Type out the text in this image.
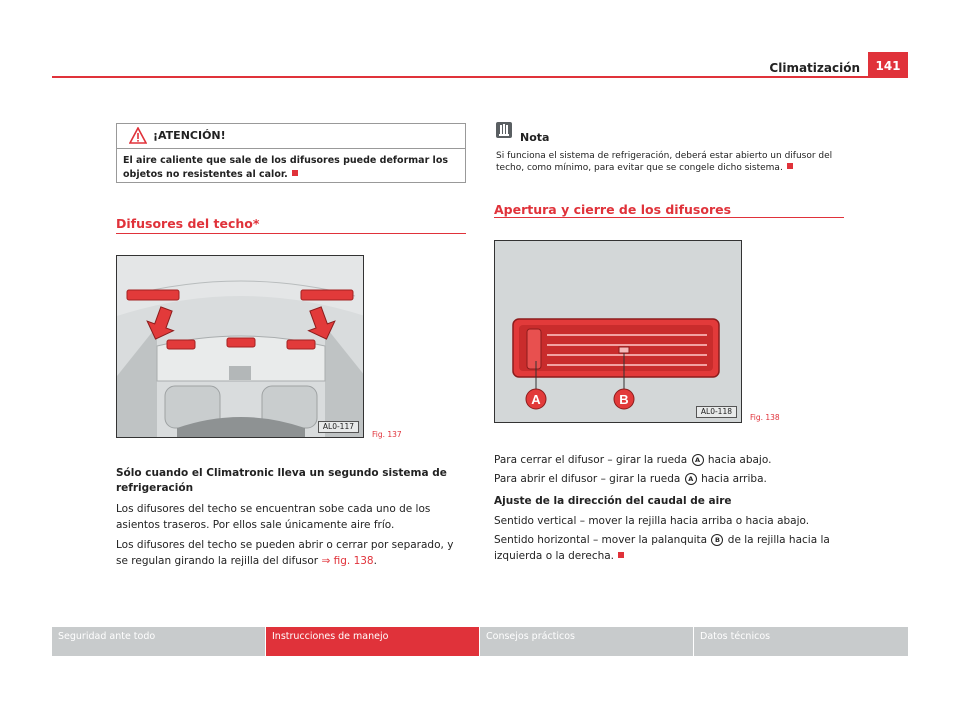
Climatización	141
¡ATENCIÓN!
El aire caliente que sale de los difusores puede deformar los objetos no resistentes al calor.
Difusores del techo*
AL0-117
Fig. 137
Sólo cuando el Climatronic lleva un segundo sistema de refrigeración
Los difusores del techo se encuentran sobe cada uno de los asientos traseros. Por ellos sale únicamente aire frío.
Los difusores del techo se pueden abrir o cerrar por separado, y se regulan girando la rejilla del difusor ⇒ fig. 138.
Nota
Si funciona el sistema de refrigeración, deberá estar abierto un difusor del techo, como mínimo, para evitar que se congele dicho sistema.
Apertura y cierre de los difusores
A	B
AL0-118
Fig. 138
Para cerrar el difusor – girar la rueda A hacia abajo.
Para abrir el difusor – girar la rueda A hacia arriba.
Ajuste de la dirección del caudal de aire
Sentido vertical – mover la rejilla hacia arriba o hacia abajo.
Sentido horizontal – mover la palanquita B de la rejilla hacia la izquierda o la derecha.
Seguridad ante todo	Instrucciones de manejo	Consejos prácticos	Datos técnicos
